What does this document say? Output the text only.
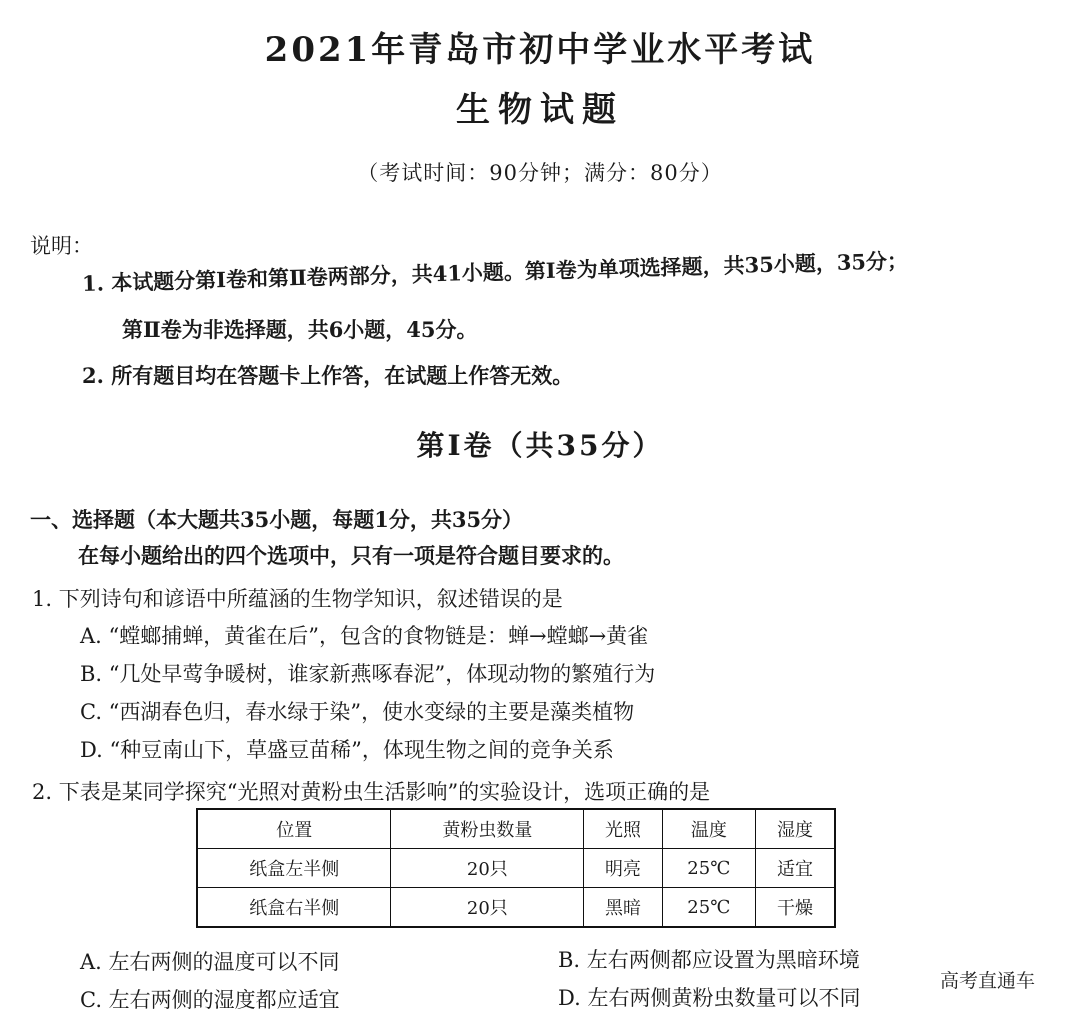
2021年青岛市初中学业水平考试
生物试题
（考试时间：90分钟；满分：80分）
说明：
1. 本试题分第Ⅰ卷和第Ⅱ卷两部分，共41小题。第Ⅰ卷为单项选择题，共35小题，35分；
第Ⅱ卷为非选择题，共6小题，45分。
2. 所有题目均在答题卡上作答，在试题上作答无效。
第Ⅰ卷（共35分）
一、选择题（本大题共35小题，每题1分，共35分）
在每小题给出的四个选项中，只有一项是符合题目要求的。
1. 下列诗句和谚语中所蕴涵的生物学知识，叙述错误的是
A. “螳螂捕蝉，黄雀在后”，包含的食物链是：蝉→螳螂→黄雀
B. “几处早莺争暖树，谁家新燕啄春泥”，体现动物的繁殖行为
C. “西湖春色归，春水绿于染”，使水变绿的主要是藻类植物
D. “种豆南山下，草盛豆苗稀”，体现生物之间的竞争关系
2. 下表是某同学探究“光照对黄粉虫生活影响”的实验设计，选项正确的是
位置	黄粉虫数量	光照	温度	湿度
纸盒左半侧	20只	明亮	25℃	适宜
纸盒右半侧	20只	黑暗	25℃	干燥
A. 左右两侧的温度可以不同	B. 左右两侧都应设置为黑暗环境
C. 左右两侧的湿度都应适宜	D. 左右两侧黄粉虫数量可以不同
高考直通车
